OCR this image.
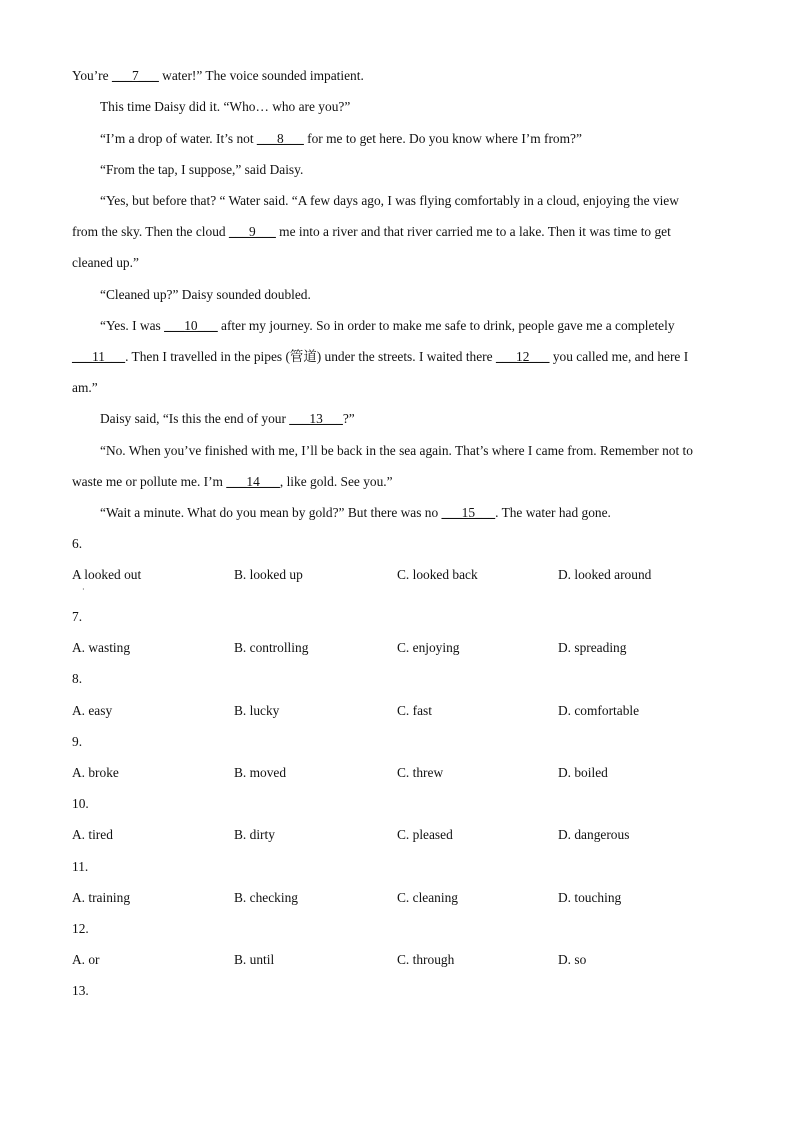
You’re ___7___ water!” The voice sounded impatient.
This time Daisy did it. “Who… who are you?”
“I’m a drop of water. It’s not ___8___ for me to get here. Do you know where I’m from?”
“From the tap, I suppose,” said Daisy.
“Yes, but before that? “ Water said. “A few days ago, I was flying comfortably in a cloud, enjoying the view
from the sky. Then the cloud ___9___ me into a river and that river carried me to a lake. Then it was time to get
cleaned up.”
“Cleaned up?” Daisy sounded doubled.
“Yes. I was ___10___ after my journey. So in order to make me safe to drink, people gave me a completely
___11___. Then I travelled in the pipes (管道) under the streets. I waited there ___12___ you called me, and here I
am.”
Daisy said, “Is this the end of your ___13___?”
“No. When you’ve finished with me, I’ll be back in the sea again. That’s where I came from. Remember not to
waste me or pollute me. I’m ___14___, like gold. See you.”
“Wait a minute. What do you mean by gold?” But there was no ___15___. The water had gone.
6.
A looked out
·
B. looked up	C. looked back	D. looked around
7.
A. wasting	B. controlling	C. enjoying	D. spreading
8.
A. easy	B. lucky	C. fast	D. comfortable
9.
A. broke	B. moved	C. threw	D. boiled
10.
A. tired	B. dirty	C. pleased	D. dangerous
11.
A. training	B. checking	C. cleaning	D. touching
12.
A. or	B. until	C. through	D. so
13.
